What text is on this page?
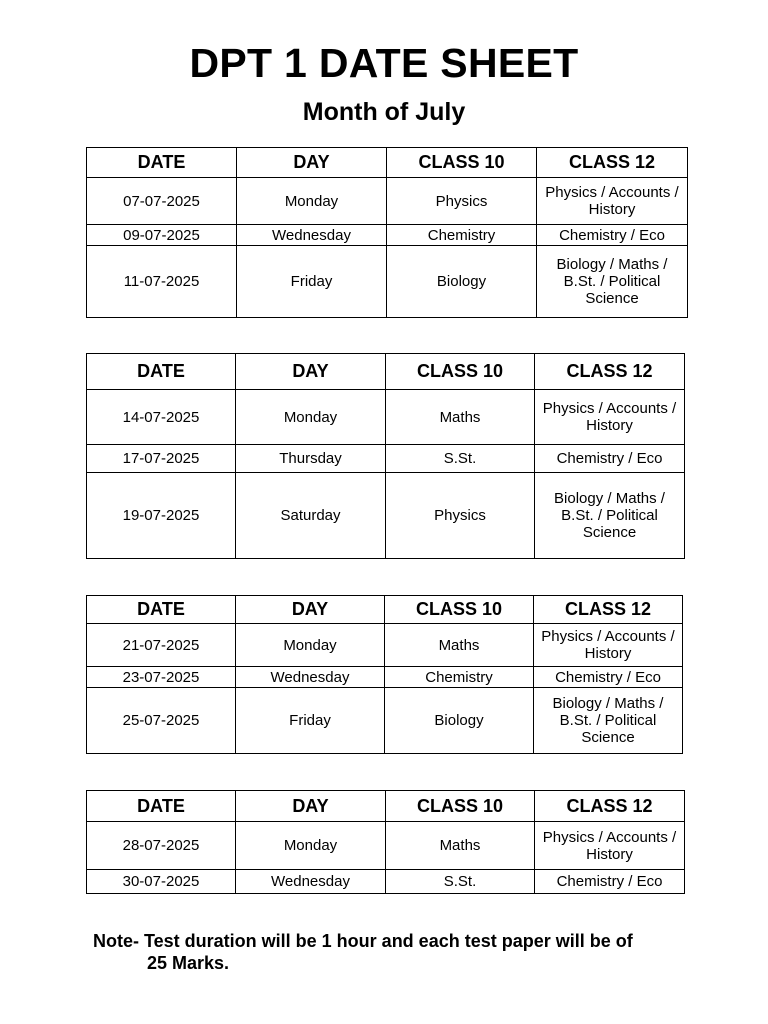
DPT 1 DATE SHEET
Month of July
DATE	DAY	CLASS 10	CLASS 12
07-07-2025	Monday	Physics	Physics / Accounts / History
09-07-2025	Wednesday	Chemistry	Chemistry / Eco
11-07-2025	Friday	Biology	Biology / Maths / B.St. / Political Science
DATE	DAY	CLASS 10	CLASS 12
14-07-2025	Monday	Maths	Physics / Accounts / History
17-07-2025	Thursday	S.St.	Chemistry / Eco
19-07-2025	Saturday	Physics	Biology / Maths / B.St. / Political Science
DATE	DAY	CLASS 10	CLASS 12
21-07-2025	Monday	Maths	Physics / Accounts / History
23-07-2025	Wednesday	Chemistry	Chemistry / Eco
25-07-2025	Friday	Biology	Biology / Maths / B.St. / Political Science
DATE	DAY	CLASS 10	CLASS 12
28-07-2025	Monday	Maths	Physics / Accounts / History
30-07-2025	Wednesday	S.St.	Chemistry / Eco
Note- Test duration will be 1 hour and each test paper will be of
25 Marks.
